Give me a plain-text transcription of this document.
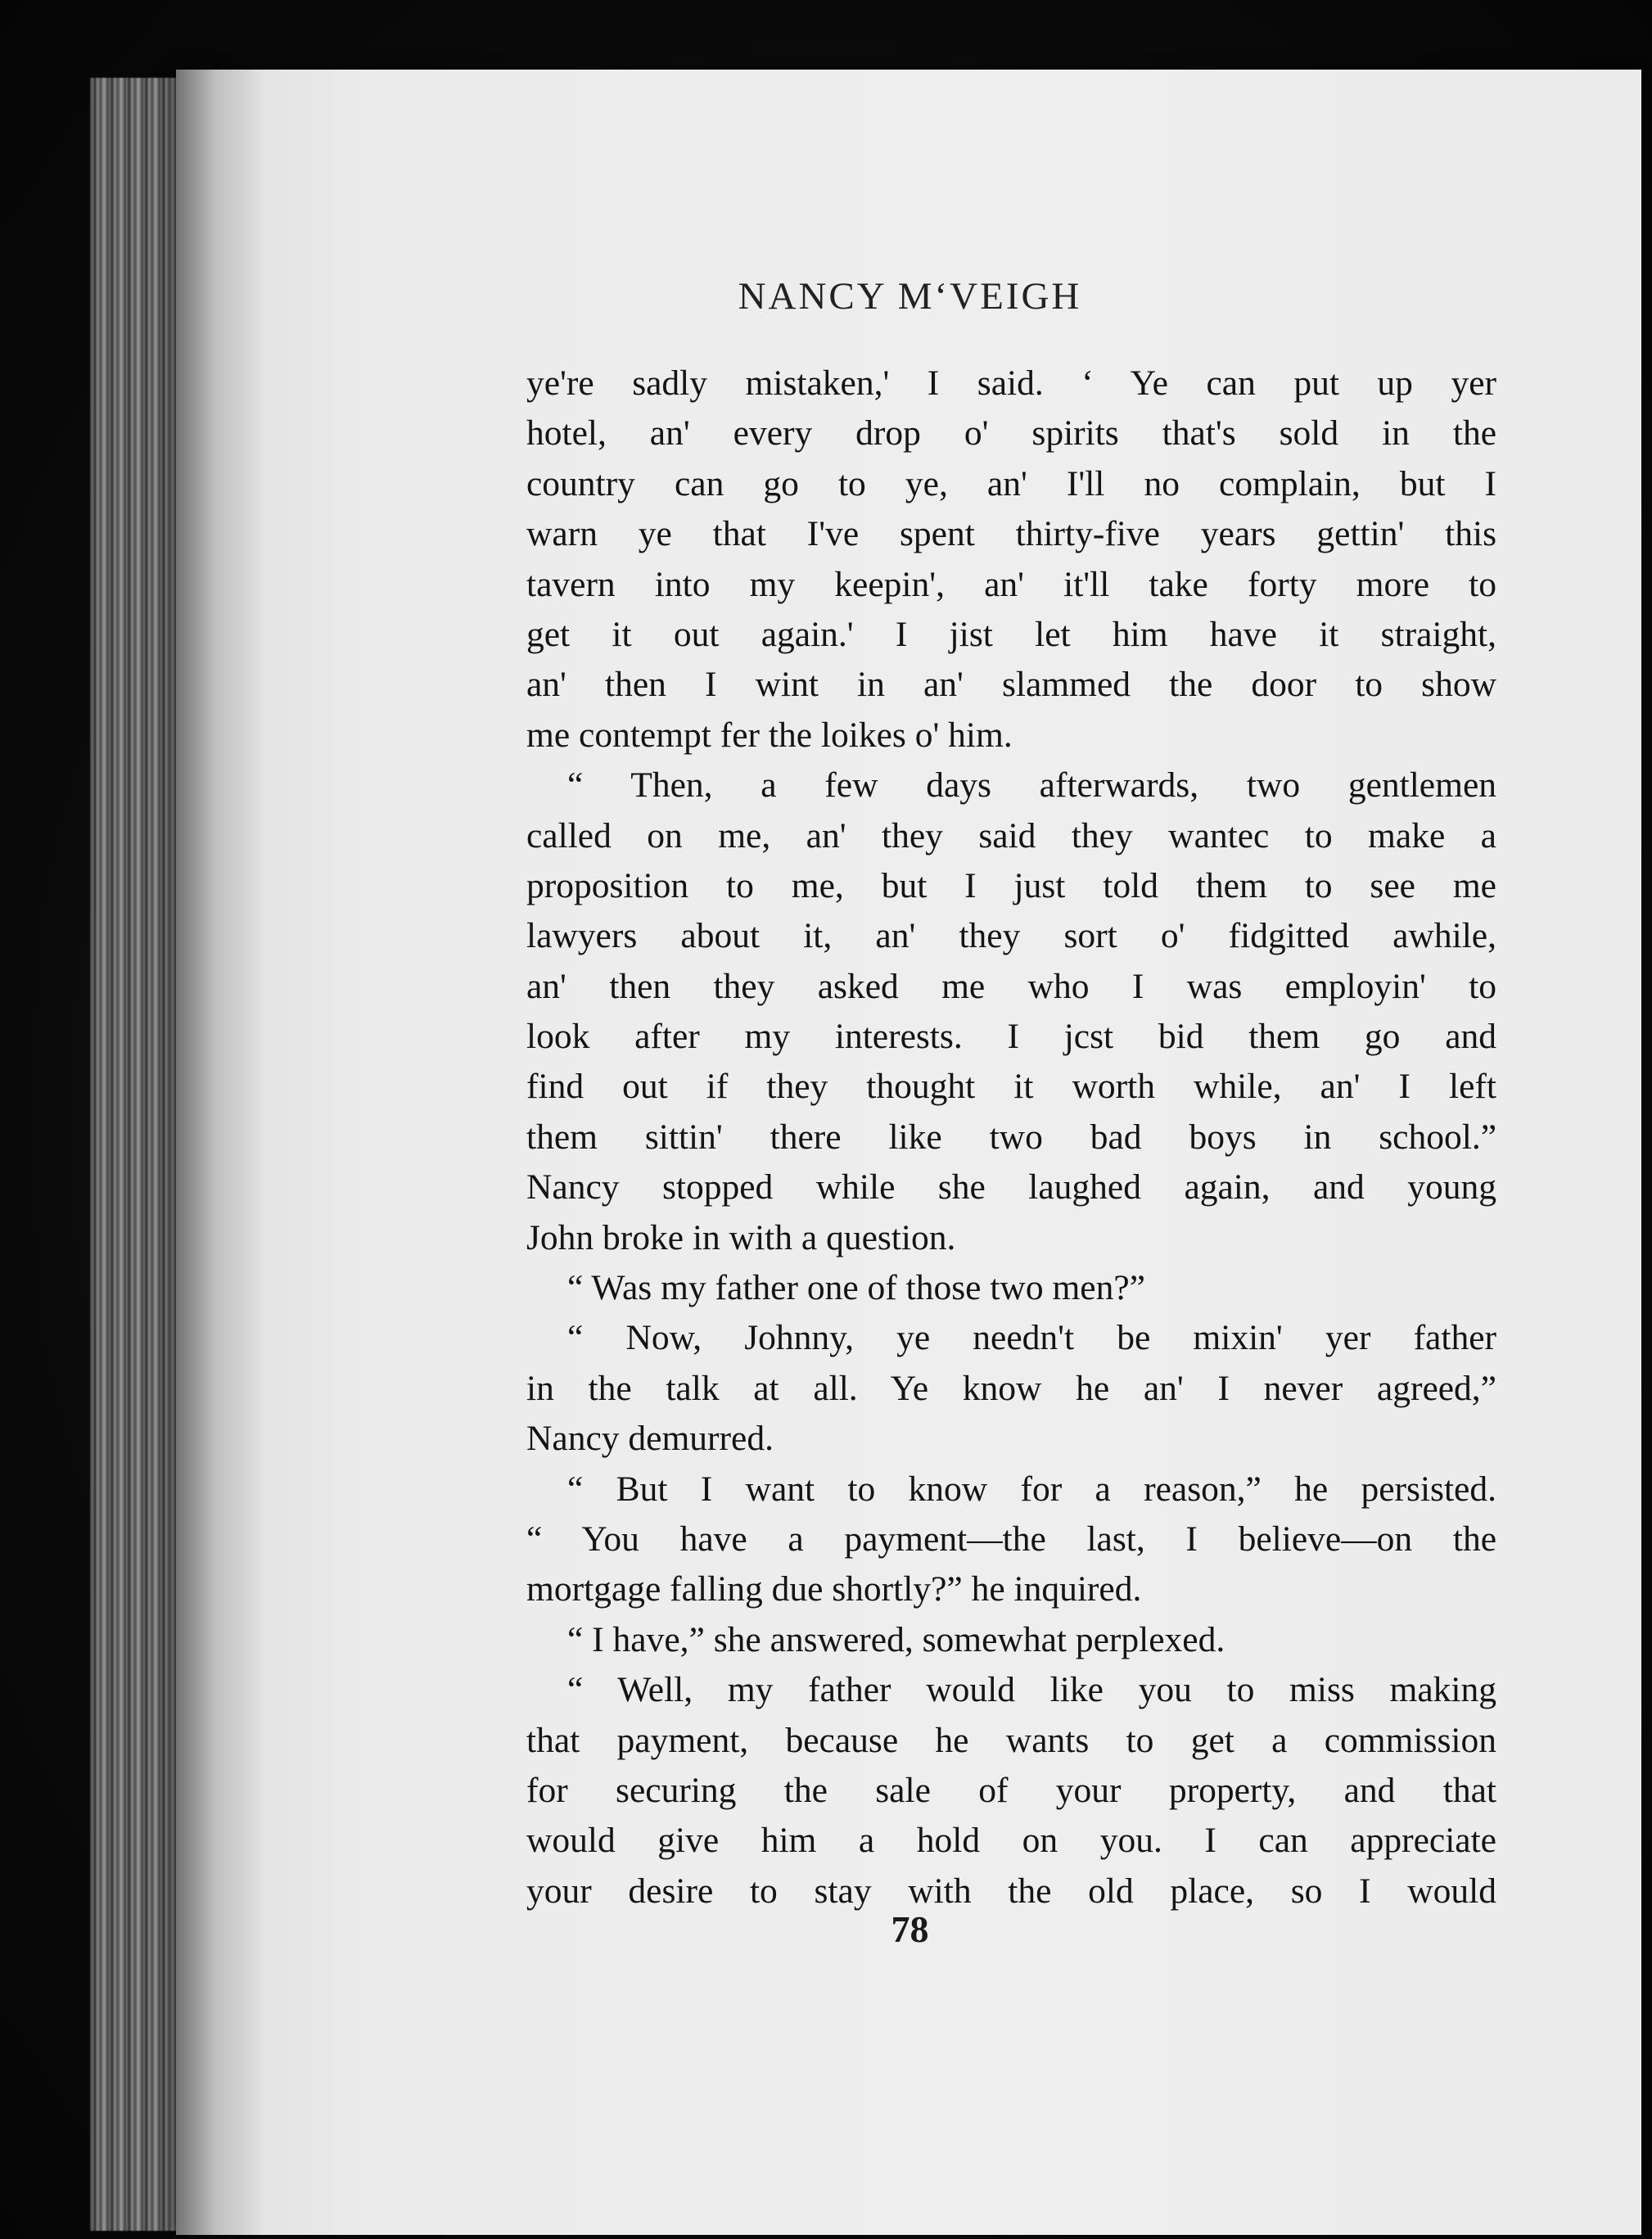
NANCY M‘VEIGH
ye're sadly mistaken,' I said. ‘ Ye can put up yer
hotel, an' every drop o' spirits that's sold in the
country can go to ye, an' I'll no complain, but I
warn ye that I've spent thirty-five years gettin' this
tavern into my keepin', an' it'll take forty more to
get it out again.' I jist let him have it straight,
an' then I wint in an' slammed the door to show
me contempt fer the loikes o' him.
“ Then, a few days afterwards, two gentlemen
called on me, an' they said they wantec to make a
proposition to me, but I just told them to see me
lawyers about it, an' they sort o' fidgitted awhile,
an' then they asked me who I was employin' to
look after my interests. I jcst bid them go and
find out if they thought it worth while, an' I left
them sittin' there like two bad boys in school.”
Nancy stopped while she laughed again, and young
John broke in with a question.
“ Was my father one of those two men?”
“ Now, Johnny, ye needn't be mixin' yer father
in the talk at all. Ye know he an' I never agreed,”
Nancy demurred.
“ But I want to know for a reason,” he persisted.
“ You have a payment—the last, I believe—on the
mortgage falling due shortly?” he inquired.
“ I have,” she answered, somewhat perplexed.
“ Well, my father would like you to miss making
that payment, because he wants to get a commission
for securing the sale of your property, and that
would give him a hold on you. I can appreciate
your desire to stay with the old place, so I would
78
